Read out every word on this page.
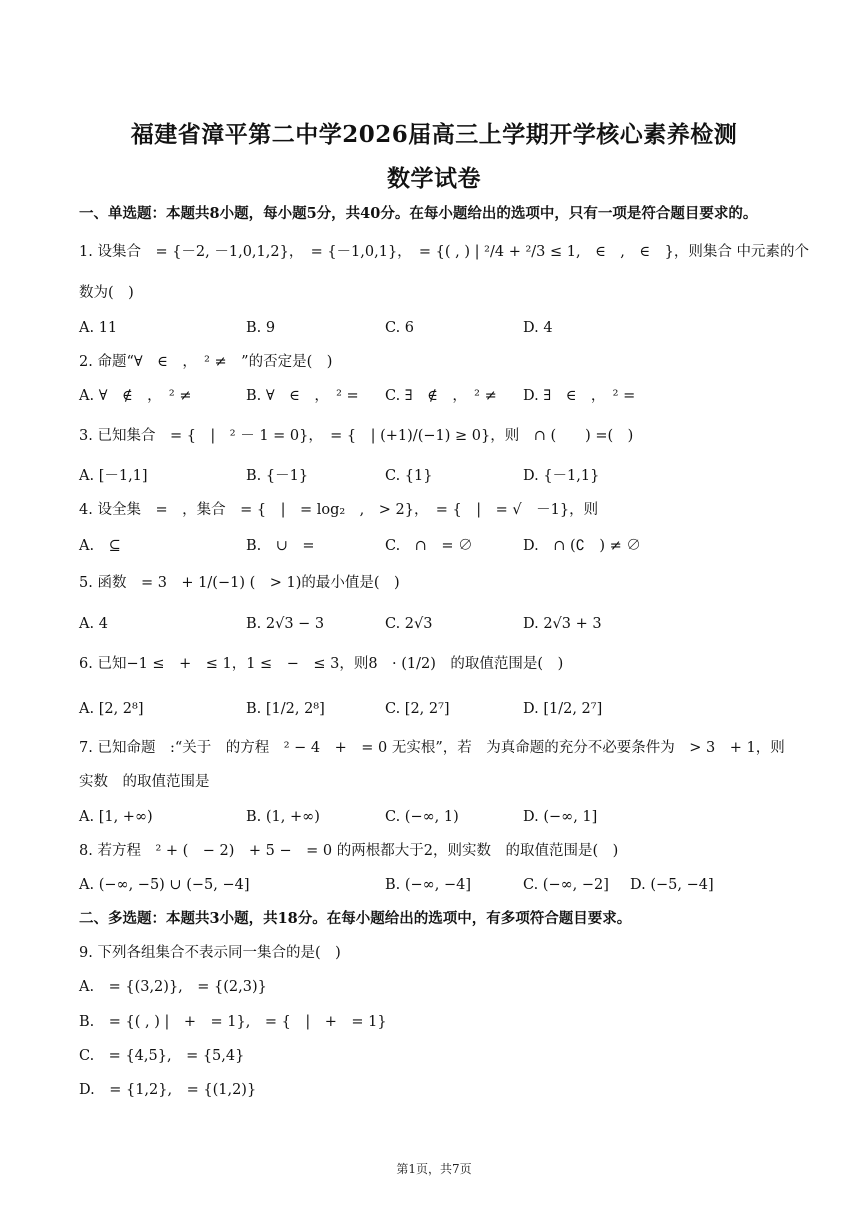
福建省漳平第二中学2026届高三上学期开学核心素养检测
数学试卷
一、单选题：本题共8小题，每小题5分，共40分。在每小题给出的选项中，只有一项是符合题目要求的。
1. 设集合　= {－2, －1,0,1,2}，　= {－1,0,1}，　= {( , ) | ²/4 + ²/3 ≤ 1,　∈　,　∈　}，则集合 中元素的个
数为(　)
A. 11	B. 9	C. 6	D. 4
2. 命题“∀　∈　，　² ≠　”的否定是(　)
A. ∀　∉　，　² ≠	B. ∀　∈　，　² = C. ∃　∉　，　² ≠ D. ∃　∈　，　² =
3. 已知集合　= {　|　² － 1 = 0}，　= {　| (+1)/(−1) ≥ 0}，则　∩ (　　) =(　)
A. [－1,1]	B. {－1}	C. {1}	D. {－1,1}
4. 设全集　=　，集合　= {　|　= log₂　,　> 2}，　= {　|　= √　－1}，则
A.　⊆	B.　∪　=	C.　∩　= ∅	D.　∩ (∁　) ≠ ∅
5. 函数　= 3　+ 1/(−1) (　> 1)的最小值是(　)
A. 4	B. 2√3 − 3	C. 2√3	D. 2√3 + 3
6. 已知−1 ≤　+　≤ 1，1 ≤　−　≤ 3，则8　· (1/2)　的取值范围是(　)
A. [2, 2⁸]	B. [1/2, 2⁸]	C. [2, 2⁷]	D. [1/2, 2⁷]
7. 已知命题　:“关于　的方程　² − 4　+　= 0 无实根”，若　为真命题的充分不必要条件为　> 3　+ 1，则
实数　的取值范围是
A. [1, +∞)	B. (1, +∞)	C. (−∞, 1)	D. (−∞, 1]
8. 若方程　² + (　− 2)　+ 5 −　= 0 的两根都大于2，则实数　的取值范围是(　)
A. (−∞, −5) ∪ (−5, −4]	B. (−∞, −4]	C. (−∞, −2] D. (−5, −4]
二、多选题：本题共3小题，共18分。在每小题给出的选项中，有多项符合题目要求。
9. 下列各组集合不表示同一集合的是(　)
A.　= {(3,2)},　= {(2,3)}
B.　= {( , ) |　+　= 1},　= {　|　+　= 1}
C.　= {4,5},　= {5,4}
D.　= {1,2},　= {(1,2)}
第1页，共7页
